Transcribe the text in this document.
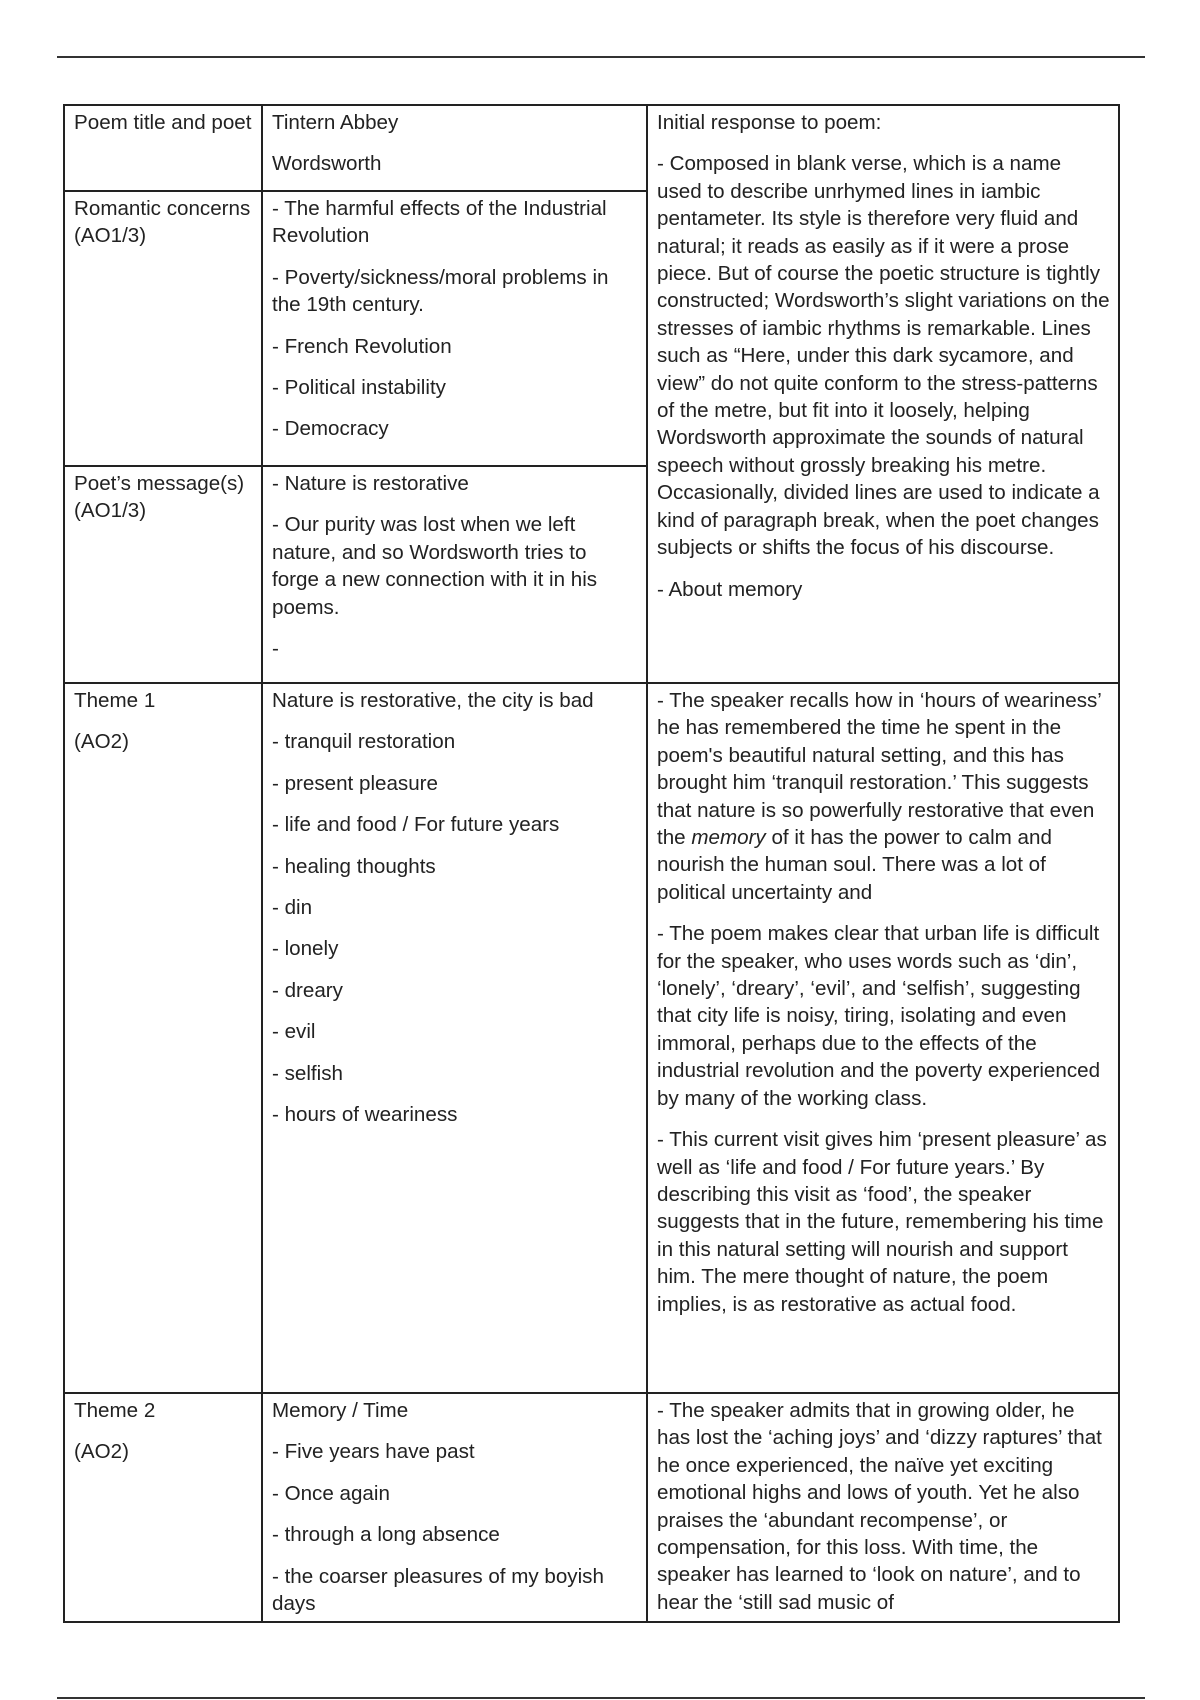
Poem title and poet Tintern Abbey

Wordsworth

Initial response to poem:

- Composed in blank verse, which is a name used to describe unrhymed lines in iambic pentameter. Its style is therefore very fluid and natural; it reads as easily as if it were a prose piece. But of course the poetic structure is tightly constructed; Wordsworth’s slight variations on the stresses of iambic rhythms is remarkable. Lines such as “Here, under this dark sycamore, and view” do not quite conform to the stress-patterns of the metre, but fit into it loosely, helping Wordsworth approximate the sounds of natural speech without grossly breaking his metre. Occasionally, divided lines are used to indicate a kind of paragraph break, when the poet changes subjects or shifts the focus of his discourse.

- About memory

Romantic concerns (AO1/3)

- The harmful effects of the Industrial Revolution

- Poverty/sickness/moral problems in the 19th century.

- French Revolution

- Political instability

- Democracy

Poet’s message(s) (AO1/3)

- Nature is restorative

- Our purity was lost when we left nature, and so Wordsworth tries to forge a new connection with it in his poems.

-

Theme 1

(AO2)

Nature is restorative, the city is bad

- tranquil restoration

- present pleasure

- life and food / For future years

- healing thoughts

- din

- lonely

- dreary

- evil

- selfish

- hours of weariness

- The speaker recalls how in ‘hours of weariness’ he has remembered the time he spent in the poem's beautiful natural setting, and this has brought him ‘tranquil restoration.’ This suggests that nature is so powerfully restorative that even the memory of it has the power to calm and nourish the human soul. There was a lot of political uncertainty and

- The poem makes clear that urban life is difficult for the speaker, who uses words such as ‘din’, ‘lonely’, ‘dreary’, ‘evil’, and ‘selfish’, suggesting that city life is noisy, tiring, isolating and even immoral, perhaps due to the effects of the industrial revolution and the poverty experienced by many of the working class.

- This current visit gives him ‘present pleasure’ as well as ‘life and food / For future years.’ By describing this visit as ‘food’, the speaker suggests that in the future, remembering his time in this natural setting will nourish and support him. The mere thought of nature, the poem implies, is as restorative as actual food.

Theme 2

(AO2)

Memory / Time

- Five years have past

- Once again

- through a long absence

- the coarser pleasures of my boyish days

- The speaker admits that in growing older, he has lost the ‘aching joys’ and ‘dizzy raptures’ that he once experienced, the naïve yet exciting emotional highs and lows of youth. Yet he also praises the ‘abundant recompense’, or compensation, for this loss. With time, the speaker has learned to ‘look on nature’, and to hear the ‘still sad music of
